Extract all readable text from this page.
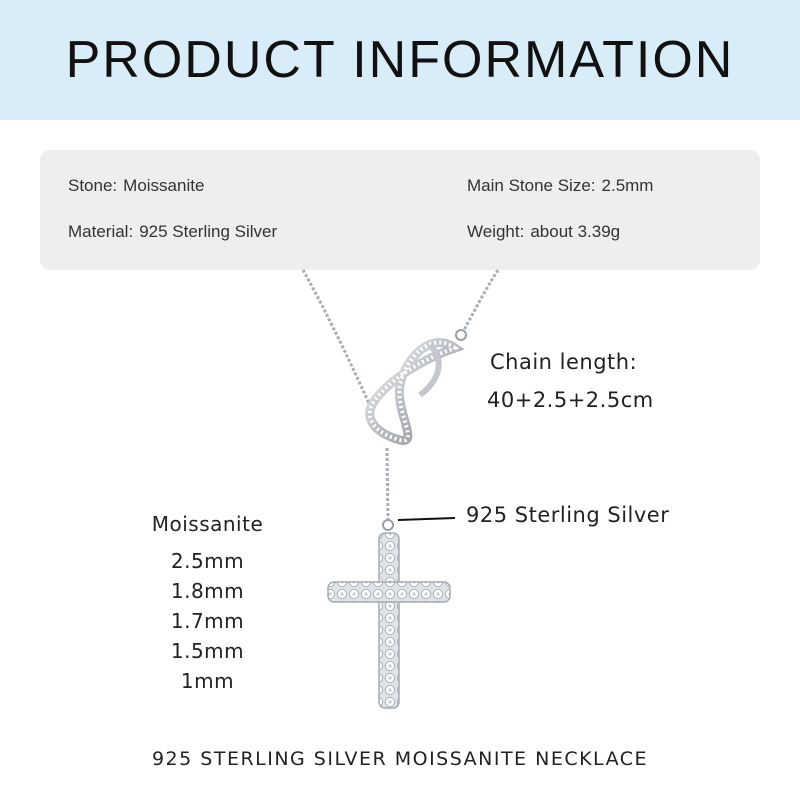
PRODUCT INFORMATION
Stone: Moissanite	Main Stone Size: 2.5mm
Material: 925 Sterling Silver	Weight: about 3.39g
Chain length:
40+2.5+2.5cm
925 Sterling Silver
Moissanite
2.5mm
1.8mm
1.7mm
1.5mm
1mm
925 STERLING SILVER MOISSANITE NECKLACE
